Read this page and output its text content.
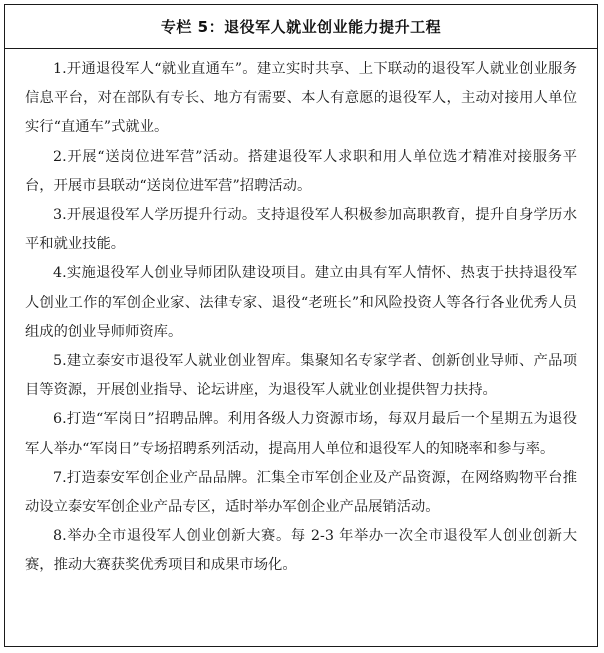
专栏 5：退役军人就业创业能力提升工程

1.开通退役军人“就业直通车”。建立实时共享、上下联动的退役军人就业创业服务信息平台，对在部队有专长、地方有需要、本人有意愿的退役军人，主动对接用人单位实行“直通车”式就业。

2.开展“送岗位进军营”活动。搭建退役军人求职和用人单位选才精准对接服务平台，开展市县联动“送岗位进军营”招聘活动。

3.开展退役军人学历提升行动。支持退役军人积极参加高职教育，提升自身学历水平和就业技能。

4.实施退役军人创业导师团队建设项目。建立由具有军人情怀、热衷于扶持退役军人创业工作的军创企业家、法律专家、退役“老班长”和风险投资人等各行各业优秀人员组成的创业导师师资库。

5.建立泰安市退役军人就业创业智库。集聚知名专家学者、创新创业导师、产品项目等资源，开展创业指导、论坛讲座，为退役军人就业创业提供智力扶持。

6.打造“军岗日”招聘品牌。利用各级人力资源市场，每双月最后一个星期五为退役军人举办“军岗日”专场招聘系列活动，提高用人单位和退役军人的知晓率和参与率。

7.打造泰安军创企业产品品牌。汇集全市军创企业及产品资源，在网络购物平台推动设立泰安军创企业产品专区，适时举办军创企业产品展销活动。

8.举办全市退役军人创业创新大赛。每 2-3 年举办一次全市退役军人创业创新大赛，推动大赛获奖优秀项目和成果市场化。
